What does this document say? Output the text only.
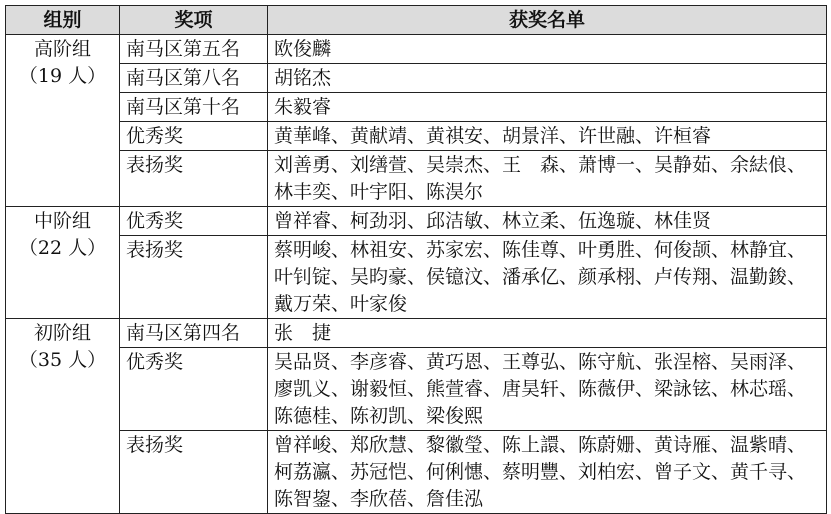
组别	奖项	获奖名单

高阶组
（19 人）	南马区第五名	欧俊麟
	南马区第八名	胡铭杰
	南马区第十名	朱毅睿
	优秀奖	黄華峰、黄献靖、黄祺安、胡景洋、许世融、许桓睿
	表扬奖	刘善勇、刘缮萱、吴崇杰、王　森、萧博一、吴静茹、余紶俍、林丰奕、叶宇阳、陈淏尔

中阶组
（22 人）	优秀奖	曾祥睿、柯劲羽、邱洁敏、林立柔、伍逸璇、林佳贤
	表扬奖	蔡明峻、林祖安、苏家宏、陈佳尊、叶勇胜、何俊颉、林静宜、叶钊锭、吴昀豪、侯镱汶、潘承亿、颜承栩、卢传翔、温勤鋑、戴万荣、叶家俊

初阶组
（35 人）	南马区第四名	张　捷
	优秀奖	吴品贤、李彦睿、黄巧恩、王尊弘、陈守航、张浧榕、吴雨泽、廖凯义、谢毅恒、熊萱睿、唐昊轩、陈薇伊、梁詠铉、林芯瑶、陈德桂、陈初凯、梁俊熙
	表扬奖	曾祥峻、郑欣慧、黎徽瑩、陈上譞、陈蔚姗、黄诗雁、温紫晴、柯荔瀛、苏冠恺、何俐憓、蔡明豐、刘柏宏、曾子文、黄千寻、陈智鋆、李欣蓓、詹佳泓
